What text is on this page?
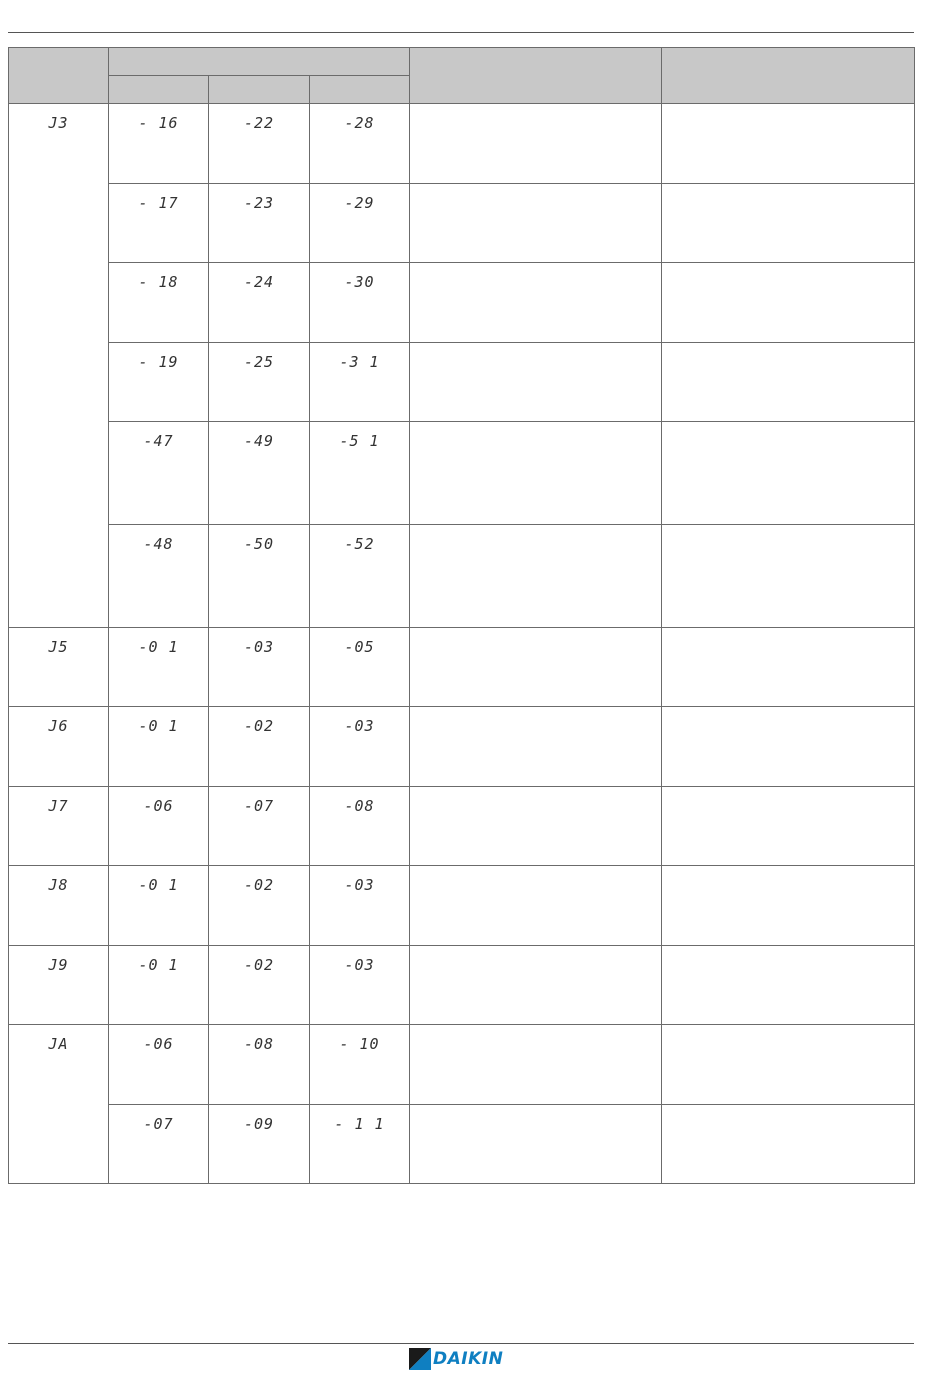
J3	- 16	-22	-28		

	- 17	-23	-29		

	- 18	-24	-30		

	- 19	-25	-3 1		

	-47	-49	-5 1		

	-48	-50	-52		

J5	-0 1	-03	-05		

J6	-0 1	-02	-03		

J7	-06	-07	-08		

J8	-0 1	-02	-03		

J9	-0 1	-02	-03		

JA	-06	-08	- 10		

	-07	-09	- 1 1		

DAIKIN
